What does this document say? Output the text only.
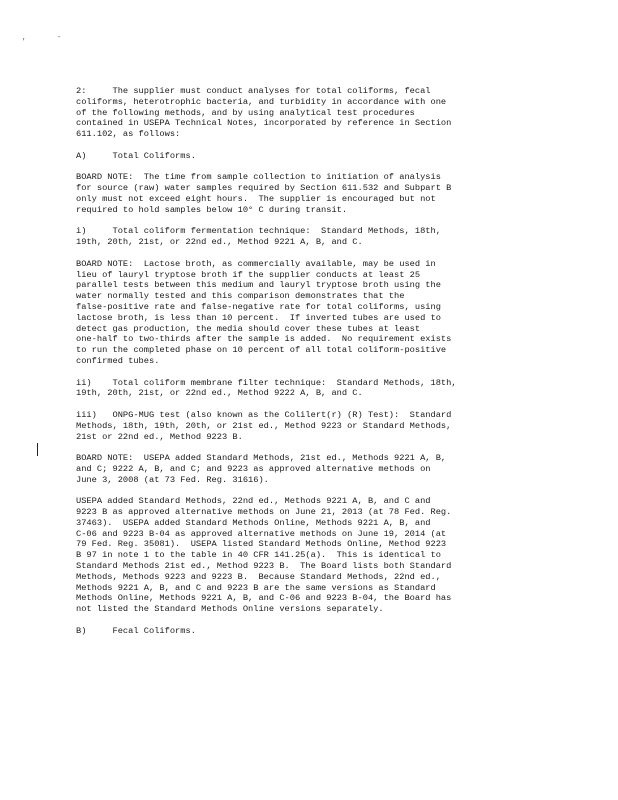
,	-

2:     The supplier must conduct analyses for total coliforms, fecal
coliforms, heterotrophic bacteria, and turbidity in accordance with one
of the following methods, and by using analytical test procedures
contained in USEPA Technical Notes, incorporated by reference in Section
611.102, as follows:

A)     Total Coliforms.

BOARD NOTE:  The time from sample collection to initiation of analysis
for source (raw) water samples required by Section 611.532 and Subpart B
only must not exceed eight hours.  The supplier is encouraged but not
required to hold samples below 10° C during transit.

i)     Total coliform fermentation technique:  Standard Methods, 18th,
19th, 20th, 21st, or 22nd ed., Method 9221 A, B, and C.

BOARD NOTE:  Lactose broth, as commercially available, may be used in
lieu of lauryl tryptose broth if the supplier conducts at least 25
parallel tests between this medium and lauryl tryptose broth using the
water normally tested and this comparison demonstrates that the
false-positive rate and false-negative rate for total coliforms, using
lactose broth, is less than 10 percent.  If inverted tubes are used to
detect gas production, the media should cover these tubes at least
one-half to two-thirds after the sample is added.  No requirement exists
to run the completed phase on 10 percent of all total coliform-positive
confirmed tubes.

ii)    Total coliform membrane filter technique:  Standard Methods, 18th,
19th, 20th, 21st, or 22nd ed., Method 9222 A, B, and C.

iii)   ONPG-MUG test (also known as the Colilert(r) (R) Test):  Standard
Methods, 18th, 19th, 20th, or 21st ed., Method 9223 or Standard Methods,
21st or 22nd ed., Method 9223 B.

BOARD NOTE:  USEPA added Standard Methods, 21st ed., Methods 9221 A, B,
and C; 9222 A, B, and C; and 9223 as approved alternative methods on
June 3, 2008 (at 73 Fed. Reg. 31616).

USEPA added Standard Methods, 22nd ed., Methods 9221 A, B, and C and
9223 B as approved alternative methods on June 21, 2013 (at 78 Fed. Reg.
37463).  USEPA added Standard Methods Online, Methods 9221 A, B, and
C-06 and 9223 B-04 as approved alternative methods on June 19, 2014 (at
79 Fed. Reg. 35081).  USEPA listed Standard Methods Online, Method 9223
B 97 in note 1 to the table in 40 CFR 141.25(a).  This is identical to
Standard Methods 21st ed., Method 9223 B.  The Board lists both Standard
Methods, Methods 9223 and 9223 B.  Because Standard Methods, 22nd ed.,
Methods 9221 A, B, and C and 9223 B are the same versions as Standard
Methods Online, Methods 9221 A, B, and C-06 and 9223 B-04, the Board has
not listed the Standard Methods Online versions separately.

B)     Fecal Coliforms.
